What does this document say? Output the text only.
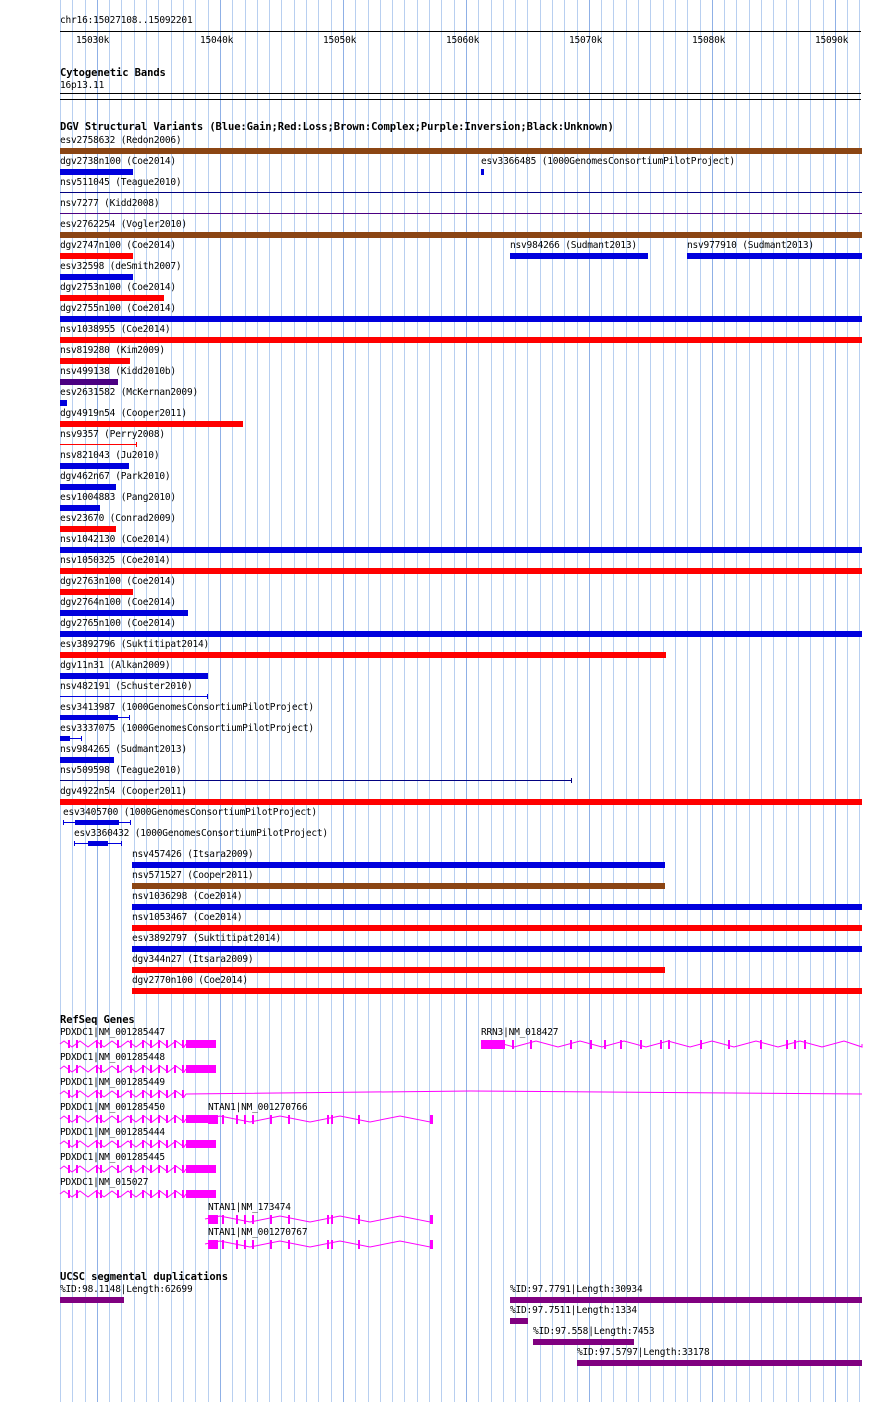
chr16:15027108..15092201
15030k	15040k	15050k	15060k	15070k	15080k	15090k
Cytogenetic Bands
16p13.11
DGV Structural Variants (Blue:Gain;Red:Loss;Brown:Complex;Purple:Inversion;Black:Unknown)
esv2758632 (Redon2006)
dgv2738n100 (Coe2014)	esv3366485 (1000GenomesConsortiumPilotProject)
nsv511045 (Teague2010)
nsv7277 (Kidd2008)
esv2762254 (Vogler2010)
dgv2747n100 (Coe2014)	nsv984266 (Sudmant2013)	nsv977910 (Sudmant2013)
esv32598 (deSmith2007)
dgv2753n100 (Coe2014)
dgv2755n100 (Coe2014)
nsv1038955 (Coe2014)
nsv819280 (Kim2009)
nsv499138 (Kidd2010b)
esv2631582 (McKernan2009)
dgv4919n54 (Cooper2011)
nsv9357 (Perry2008)
nsv821043 (Ju2010)
dgv462n67 (Park2010)
esv1004883 (Pang2010)
esv23670 (Conrad2009)
nsv1042130 (Coe2014)
nsv1050325 (Coe2014)
dgv2763n100 (Coe2014)
dgv2764n100 (Coe2014)
dgv2765n100 (Coe2014)
esv3892796 (Suktitipat2014)
dgv11n31 (Alkan2009)
nsv482191 (Schuster2010)
esv3413987 (1000GenomesConsortiumPilotProject)
esv3337075 (1000GenomesConsortiumPilotProject)
nsv984265 (Sudmant2013)
nsv509598 (Teague2010)
dgv4922n54 (Cooper2011)
esv3405700 (1000GenomesConsortiumPilotProject)
esv3360432 (1000GenomesConsortiumPilotProject)
nsv457426 (Itsara2009)
nsv571527 (Cooper2011)
nsv1036298 (Coe2014)
nsv1053467 (Coe2014)
esv3892797 (Suktitipat2014)
dgv344n27 (Itsara2009)
dgv2770n100 (Coe2014)
RefSeq Genes
PDXDC1|NM_001285447
PDXDC1|NM_001285448
PDXDC1|NM_001285449
PDXDC1|NM_001285450
PDXDC1|NM_001285444
PDXDC1|NM_001285445
PDXDC1|NM_015027
NTAN1|NM_001270766
NTAN1|NM_173474
NTAN1|NM_001270767
RRN3|NM_018427
UCSC segmental duplications
%ID:98.1148|Length:62699	%ID:97.7791|Length:30934
%ID:97.7511|Length:1334
%ID:97.558|Length:7453
%ID:97.5797|Length:33178
